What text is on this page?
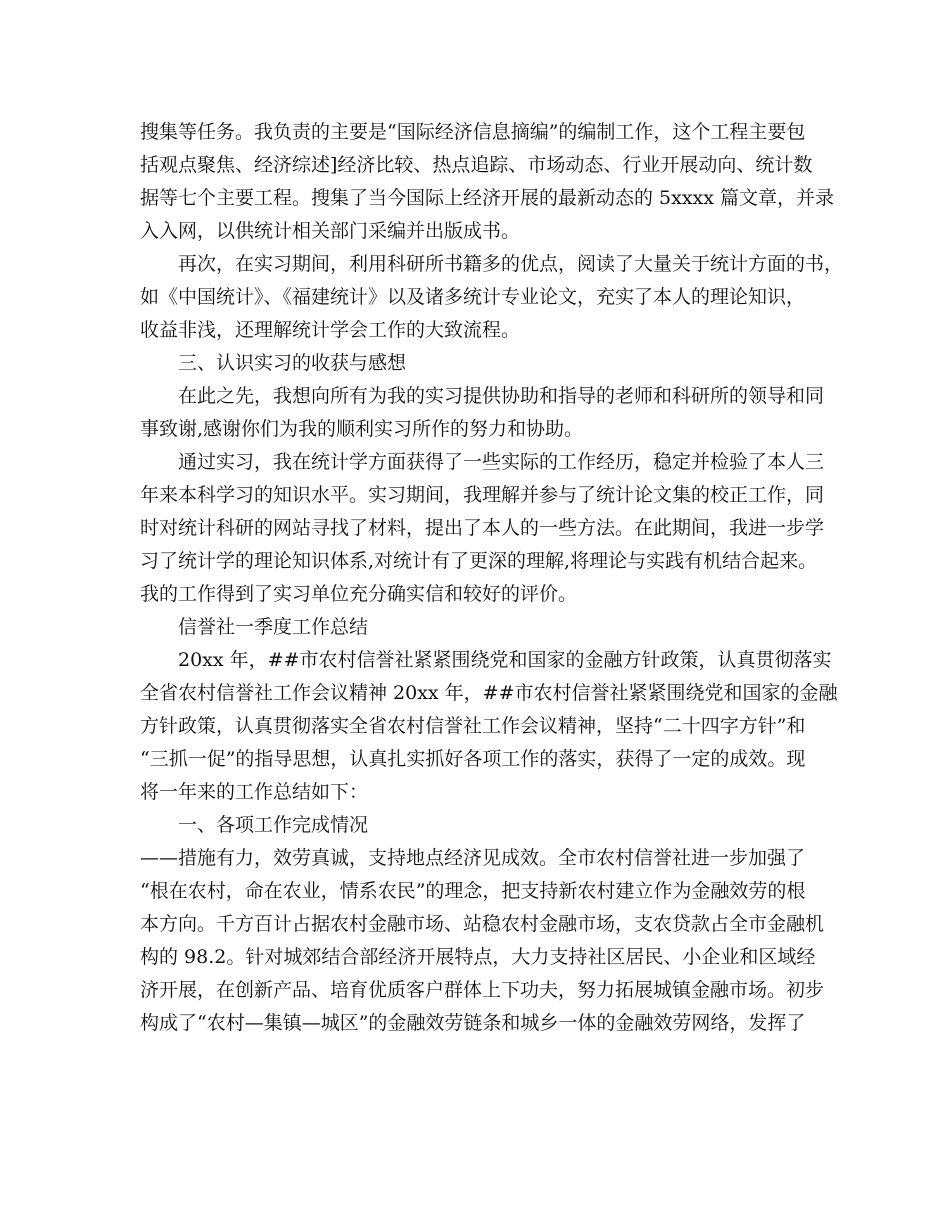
搜集等任务。我负责的主要是“国际经济信息摘编”的编制工作，这个工程主要包
括观点聚焦、经济综述]经济比较、热点追踪、市场动态、行业开展动向、统计数
据等七个主要工程。搜集了当今国际上经济开展的最新动态的 5xxxx 篇文章，并录
入入网，以供统计相关部门采编并出版成书。
再次，在实习期间，利用科研所书籍多的优点，阅读了大量关于统计方面的书，
如《中国统计》、《福建统计》以及诸多统计专业论文，充实了本人的理论知识，
收益非浅，还理解统计学会工作的大致流程。
三、认识实习的收获与感想
在此之先，我想向所有为我的实习提供协助和指导的老师和科研所的领导和同
事致谢,感谢你们为我的顺利实习所作的努力和协助。
通过实习，我在统计学方面获得了一些实际的工作经历，稳定并检验了本人三
年来本科学习的知识水平。实习期间，我理解并参与了统计论文集的校正工作，同
时对统计科研的网站寻找了材料，提出了本人的一些方法。在此期间，我进一步学
习了统计学的理论知识体系,对统计有了更深的理解,将理论与实践有机结合起来。
我的工作得到了实习单位充分确实信和较好的评价。
信誉社一季度工作总结
20xx 年，##市农村信誉社紧紧围绕党和国家的金融方针政策，认真贯彻落实
全省农村信誉社工作会议精神 20xx 年，##市农村信誉社紧紧围绕党和国家的金融
方针政策，认真贯彻落实全省农村信誉社工作会议精神，坚持“二十四字方针”和
“三抓一促”的指导思想，认真扎实抓好各项工作的落实，获得了一定的成效。现
将一年来的工作总结如下：
一、各项工作完成情况
——措施有力，效劳真诚，支持地点经济见成效。全市农村信誉社进一步加强了
“根在农村，命在农业，情系农民”的理念，把支持新农村建立作为金融效劳的根
本方向。千方百计占据农村金融市场、站稳农村金融市场，支农贷款占全市金融机
构的 98.2。针对城郊结合部经济开展特点，大力支持社区居民、小企业和区域经
济开展，在创新产品、培育优质客户群体上下功夫，努力拓展城镇金融市场。初步
构成了“农村—集镇—城区”的金融效劳链条和城乡一体的金融效劳网络，发挥了
